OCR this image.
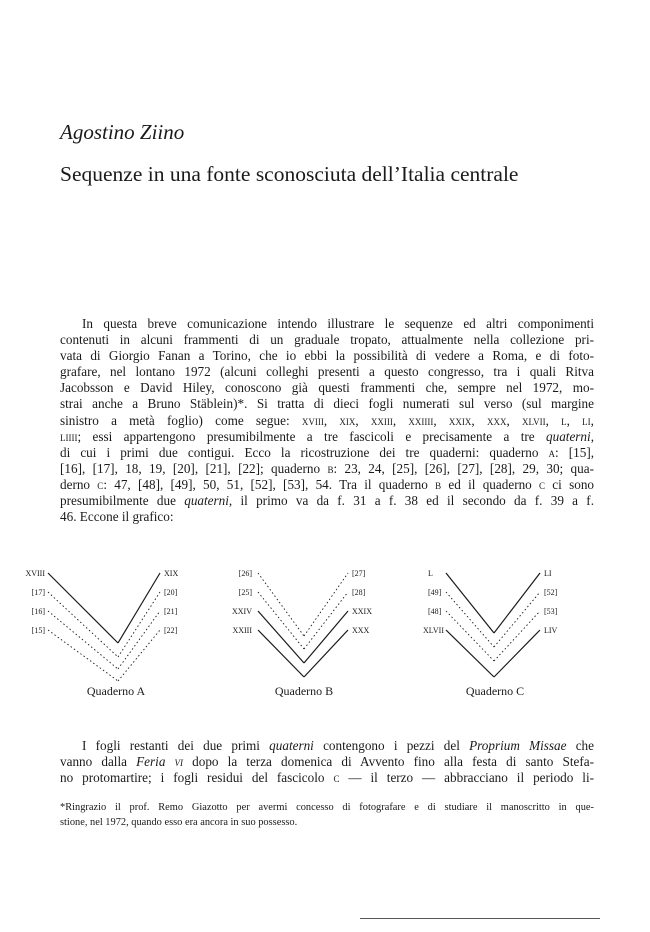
Agostino Ziino
Sequenze in una fonte sconosciuta dell’Italia centrale
In questa breve comunicazione intendo illustrare le sequenze ed altri componimenti
contenuti in alcuni frammenti di un graduale tropato, attualmente nella collezione pri-
vata di Giorgio Fanan a Torino, che io ebbi la possibilità di vedere a Roma, e di foto-
grafare, nel lontano 1972 (alcuni colleghi presenti a questo congresso, tra i quali Ritva
Jacobsson e David Hiley, conoscono già questi frammenti che, sempre nel 1972, mo-
strai anche a Bruno Stäblein)*. Si tratta di dieci fogli numerati sul verso (sul margine
sinistro a metà foglio) come segue: xviii, xix, xxiii, xxiiii, xxix, xxx, xlvii, l, li,
liiii; essi appartengono presumibilmente a tre fascicoli e precisamente a tre quaterni,
di cui i primi due contigui. Ecco la ricostruzione dei tre quaderni: quaderno a: [15],
[16], [17], 18, 19, [20], [21], [22]; quaderno b: 23, 24, [25], [26], [27], [28], 29, 30; qua-
derno c: 47, [48], [49], 50, 51, [52], [53], 54. Tra il quaderno b ed il quaderno c ci sono
presumibilmente due quaterni, il primo va da f. 31 a f. 38 ed il secondo da f. 39 a f.
46. Eccone il grafico:
XVIII
[17]
[16]
[15]
XIX
[20]
[21]
[22]
Quaderno A
[26]
[25]
XXIV
XXIII
[27]
[28]
XXIX
XXX
Quaderno B
L
[49]
[48]
XLVII
LI
[52]
[53]
LIV
Quaderno C
I fogli restanti dei due primi quaterni contengono i pezzi del Proprium Missae che
vanno dalla Feria vi dopo la terza domenica di Avvento fino alla festa di santo Stefa-
no protomartire; i fogli residui del fascicolo c — il terzo — abbracciano il periodo li-
*Ringrazio il prof. Remo Giazotto per avermi concesso di fotografare e di studiare il manoscritto in que-
stione, nel 1972, quando esso era ancora in suo possesso.
